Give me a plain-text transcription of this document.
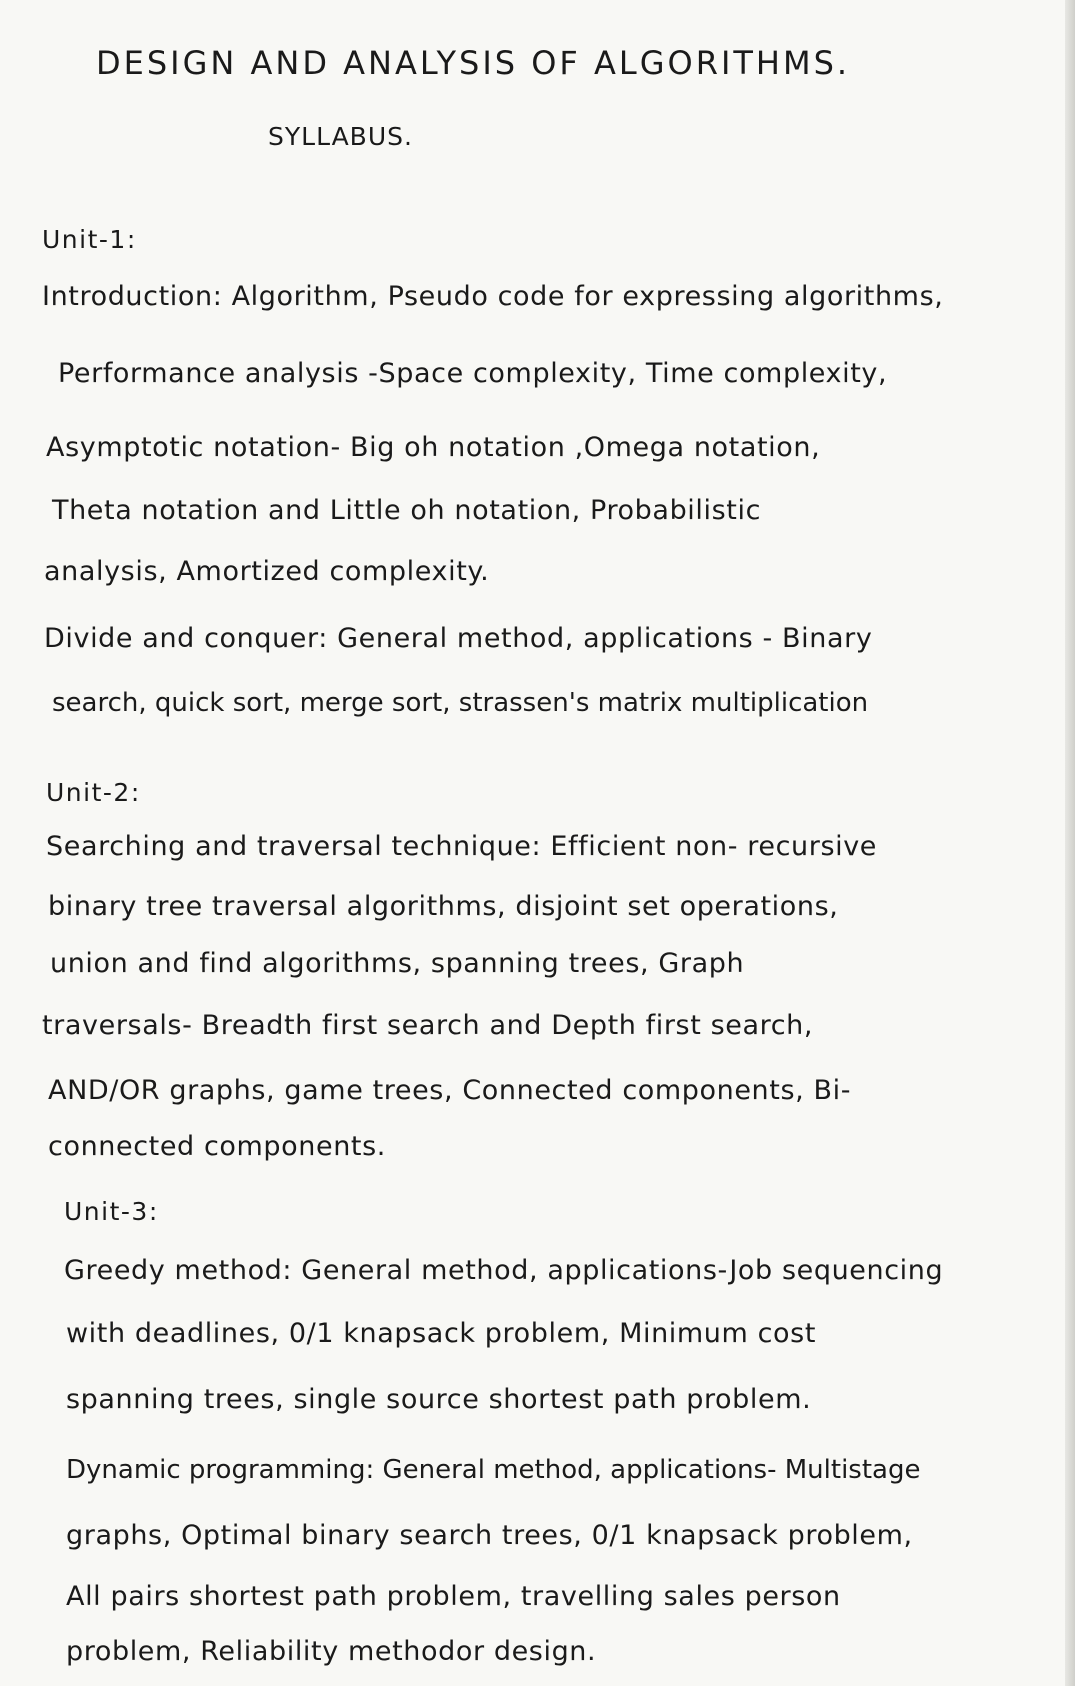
DESIGN AND ANALYSIS OF ALGORITHMS.
SYLLABUS.
Unit-1:
Introduction: Algorithm, Pseudo code for expressing algorithms,
Performance analysis -Space complexity, Time complexity,
Asymptotic notation- Big oh notation ,Omega notation,
Theta notation and Little oh notation, Probabilistic
analysis, Amortized complexity.
Divide and conquer: General method, applications - Binary
search, quick sort, merge sort, strassen's matrix multiplication
Unit-2:
Searching and traversal technique: Efficient non- recursive
binary tree traversal algorithms, disjoint set operations,
union and find algorithms, spanning trees, Graph
traversals- Breadth first search and Depth first search,
AND/OR graphs, game trees, Connected components, Bi-
connected components.
Unit-3:
Greedy method: General method, applications-Job sequencing
with deadlines, 0/1 knapsack problem, Minimum cost
spanning trees, single source shortest path problem.
Dynamic programming: General method, applications- Multistage
graphs, Optimal binary search trees, 0/1 knapsack problem,
All pairs shortest path problem, travelling sales person
problem, Reliability methodor design.
